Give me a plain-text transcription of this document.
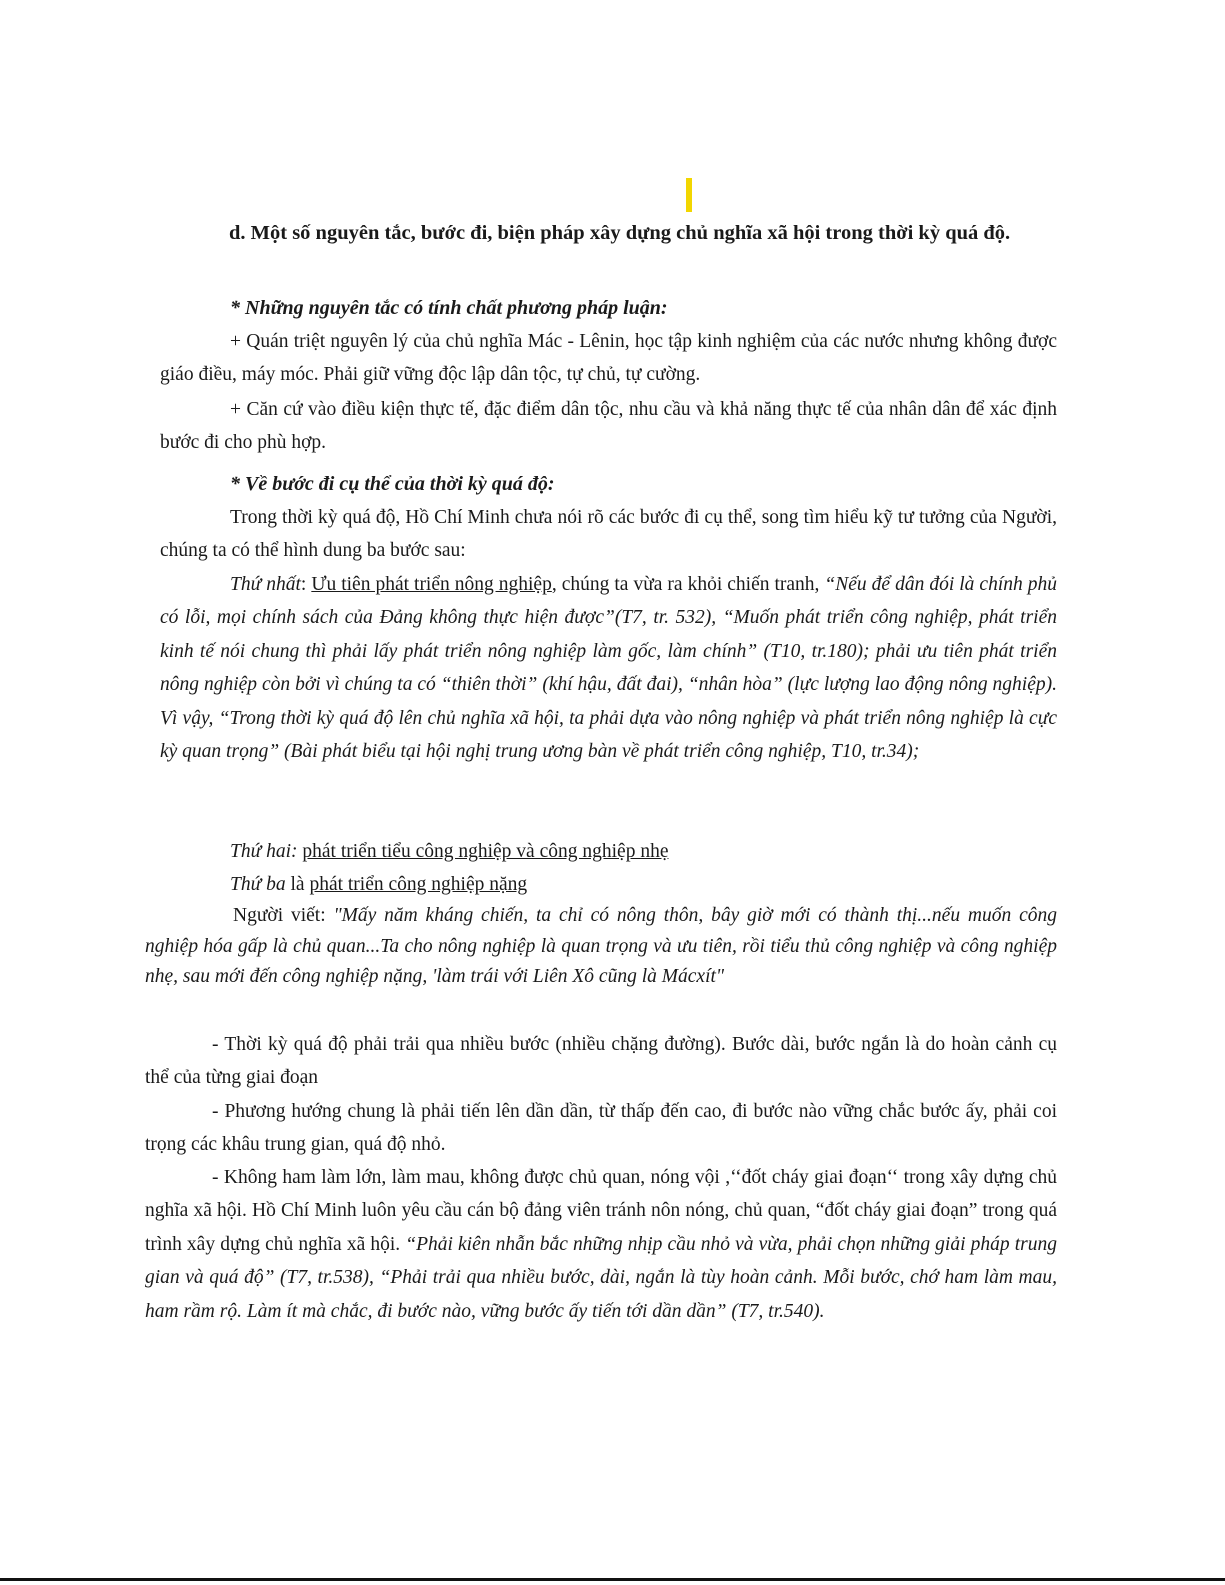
d. Một số nguyên tắc, bước đi, biện pháp xây dựng chủ nghĩa xã hội trong thời kỳ quá độ.

* Những nguyên tắc có tính chất phương pháp luận:

+ Quán triệt nguyên lý của chủ nghĩa Mác - Lênin, học tập kinh nghiệm của các nước nhưng không được giáo điều, máy móc. Phải giữ vững độc lập dân tộc, tự chủ, tự cường.

+ Căn cứ vào điều kiện thực tế, đặc điểm dân tộc, nhu cầu và khả năng thực tế của nhân dân để xác định bước đi cho phù hợp.

* Về bước đi cụ thể của thời kỳ quá độ:

Trong thời kỳ quá độ, Hồ Chí Minh chưa nói rõ các bước đi cụ thể, song tìm hiểu kỹ tư tưởng của Người, chúng ta có thể hình dung ba bước sau:

Thứ nhất: Ưu tiên phát triển nông nghiệp, chúng ta vừa ra khỏi chiến tranh, “Nếu để dân đói là chính phủ có lỗi, mọi chính sách của Đảng không thực hiện được”(T7, tr. 532), “Muốn phát triển công nghiệp, phát triển kinh tế nói chung thì phải lấy phát triển nông nghiệp làm gốc, làm chính” (T10, tr.180); phải ưu tiên phát triển nông nghiệp còn bởi vì chúng ta có “thiên thời” (khí hậu, đất đai), “nhân hòa” (lực lượng lao động nông nghiệp). Vì vậy, “Trong thời kỳ quá độ lên chủ nghĩa xã hội, ta phải dựa vào nông nghiệp và phát triển nông nghiệp là cực kỳ quan trọng” (Bài phát biểu tại hội nghị trung ương bàn về phát triển công nghiệp, T10, tr.34);

Thứ hai: phát triển tiểu công nghiệp và công nghiệp nhẹ

Thứ ba là phát triển công nghiệp nặng

Người viết: "Mấy năm kháng chiến, ta chỉ có nông thôn, bây giờ mới có thành thị...nếu muốn công nghiệp hóa gấp là chủ quan...Ta cho nông nghiệp là quan trọng và ưu tiên, rồi tiểu thủ công nghiệp và công nghiệp nhẹ, sau mới đến công nghiệp nặng, 'làm trái với Liên Xô cũng là Mácxít"

- Thời kỳ quá độ phải trải qua nhiều bước (nhiều chặng đường). Bước dài, bước ngắn là do hoàn cảnh cụ thể của từng giai đoạn

- Phương hướng chung là phải tiến lên dần dần, từ thấp đến cao, đi bước nào vững chắc bước ấy, phải coi trọng các khâu trung gian, quá độ nhỏ.

- Không ham làm lớn, làm mau, không được chủ quan, nóng vội ,‘‘đốt cháy giai đoạn‘‘ trong xây dựng chủ nghĩa xã hội. Hồ Chí Minh luôn yêu cầu cán bộ đảng viên tránh nôn nóng, chủ quan, “đốt cháy giai đoạn” trong quá trình xây dựng chủ nghĩa xã hội. “Phải kiên nhẫn bắc những nhịp cầu nhỏ và vừa, phải chọn những giải pháp trung gian và quá độ” (T7, tr.538), “Phải trải qua nhiều bước, dài, ngắn là tùy hoàn cảnh. Mỗi bước, chớ ham làm mau, ham rầm rộ. Làm ít mà chắc, đi bước nào, vững bước ấy tiến tới dần dần” (T7, tr.540).
